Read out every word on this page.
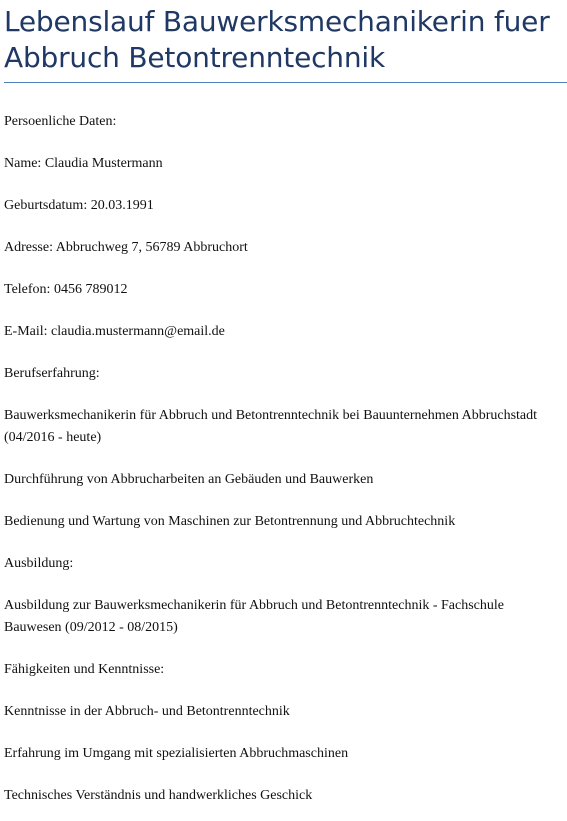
Lebenslauf Bauwerksmechanikerin fuer Abbruch Betontrenntechnik

Persoenliche Daten:

Name: Claudia Mustermann

Geburtsdatum: 20.03.1991

Adresse: Abbruchweg 7, 56789 Abbruchort

Telefon: 0456 789012

E-Mail: claudia.mustermann@email.de

Berufserfahrung:

Bauwerksmechanikerin für Abbruch und Betontrenntechnik bei Bauunternehmen Abbruchstadt (04/2016 - heute)

Durchführung von Abbrucharbeiten an Gebäuden und Bauwerken

Bedienung und Wartung von Maschinen zur Betontrennung und Abbruchtechnik

Ausbildung:

Ausbildung zur Bauwerksmechanikerin für Abbruch und Betontrenntechnik - Fachschule Bauwesen (09/2012 - 08/2015)

Fähigkeiten und Kenntnisse:

Kenntnisse in der Abbruch- und Betontrenntechnik

Erfahrung im Umgang mit spezialisierten Abbruchmaschinen

Technisches Verständnis und handwerkliches Geschick
